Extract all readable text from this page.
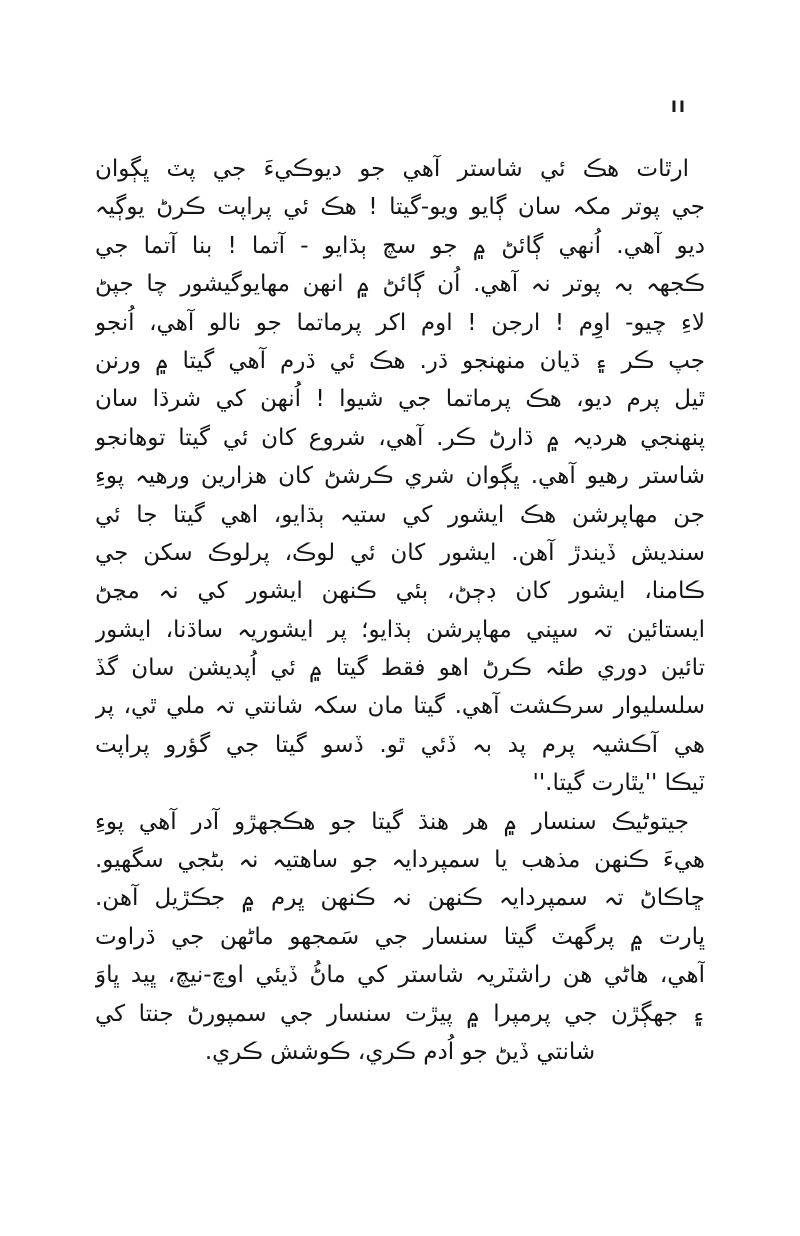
II
ارٿات هڪ ئي شاستر آهي جو ديوڪيءَ جي پٽ ڀڳوان
جي پوتر مکہ سان ڳايو ويو-گيتا ! هڪ ئي پراپت ڪرڻ يوڳيہ
ديو آهي. اُنهي ڳائڻ ۾ جو سچ ٻڌايو - آتما ! بنا آتما جي
ڪجهہ بہ پوتر نہ آهي. اُن ڳائڻ ۾ انهن مهايوگيشور چا جپڻ
لاءِ چيو- اوِم ! ارجن ! اوم اکر پرماتما جو نالو آهي، اُنجو
جپ ڪر ۽ ڌيان منهنجو ڌر. هڪ ئي ڌرم آهي گيتا ۾ ورنن
ٿيل پرم ديو، هڪ پرماتما جي شيوا ! اُنهن کي شرڌا سان
پنهنجي هرديہ ۾ ڌارڻ ڪر. آهي، شروع کان ئي گيتا توهانجو
شاستر رهيو آهي. ڀڳوان شري ڪرشڻ کان هزارين ورهيہ پوءِ
جن مهاپرشن هڪ ايشور کي ستيہ ٻڌايو، اهي گيتا جا ئي
سنديش ڏيندڙ آهن. ايشور کان ئي لوڪ، پرلوڪ سکن جي
ڪامنا، ايشور کان ڊڄڻ، ٻئي ڪنهن ايشور کي نہ مڃڻ
ايستائين تہ سڀني مهاپرشن ٻڌايو؛ پر ايشوريہ ساڌنا، ايشور
تائين دوري طئہ ڪرڻ اهو فقط گيتا ۾ ئي اُپديشن سان گڏ
سلسليوار سرڪشت آهي. گيتا مان سکہ شانتي تہ ملي ٿي، پر
هي آڪشيہ پرم پد بہ ڏئي ٿو. ڏسو گيتا جي گؤرو پراپت
ٽيڪا ''يٿارت گيتا.''
جيتوڻيڪ سنسار ۾ هر هنڌ گيتا جو هڪجهڙو آدر آهي پوءِ
هيءَ ڪنهن مذهب يا سمپردايہ جو ساهتيہ نہ بڻجي سگهيو.
ڇاڪاڻ تہ سمپردايہ ڪنهن نہ ڪنهن ڀرم ۾ جڪڙيل آهن.
ڀارت ۾ پرگهٽ گيتا سنسار جي سَمجهو ماڻهن جي ڌراوت
آهي، هاڻي هن راشٽريہ شاستر کي ماڻُ ڏيئي اوچ-نيچ، ڀيد ڀاوَ
۽ جهڳڙن جي پرمپرا ۾ پيڙت سنسار جي سمپورڻ جنتا کي
شانتي ڏيڻ جو اُدم ڪري، ڪوشش ڪري.
